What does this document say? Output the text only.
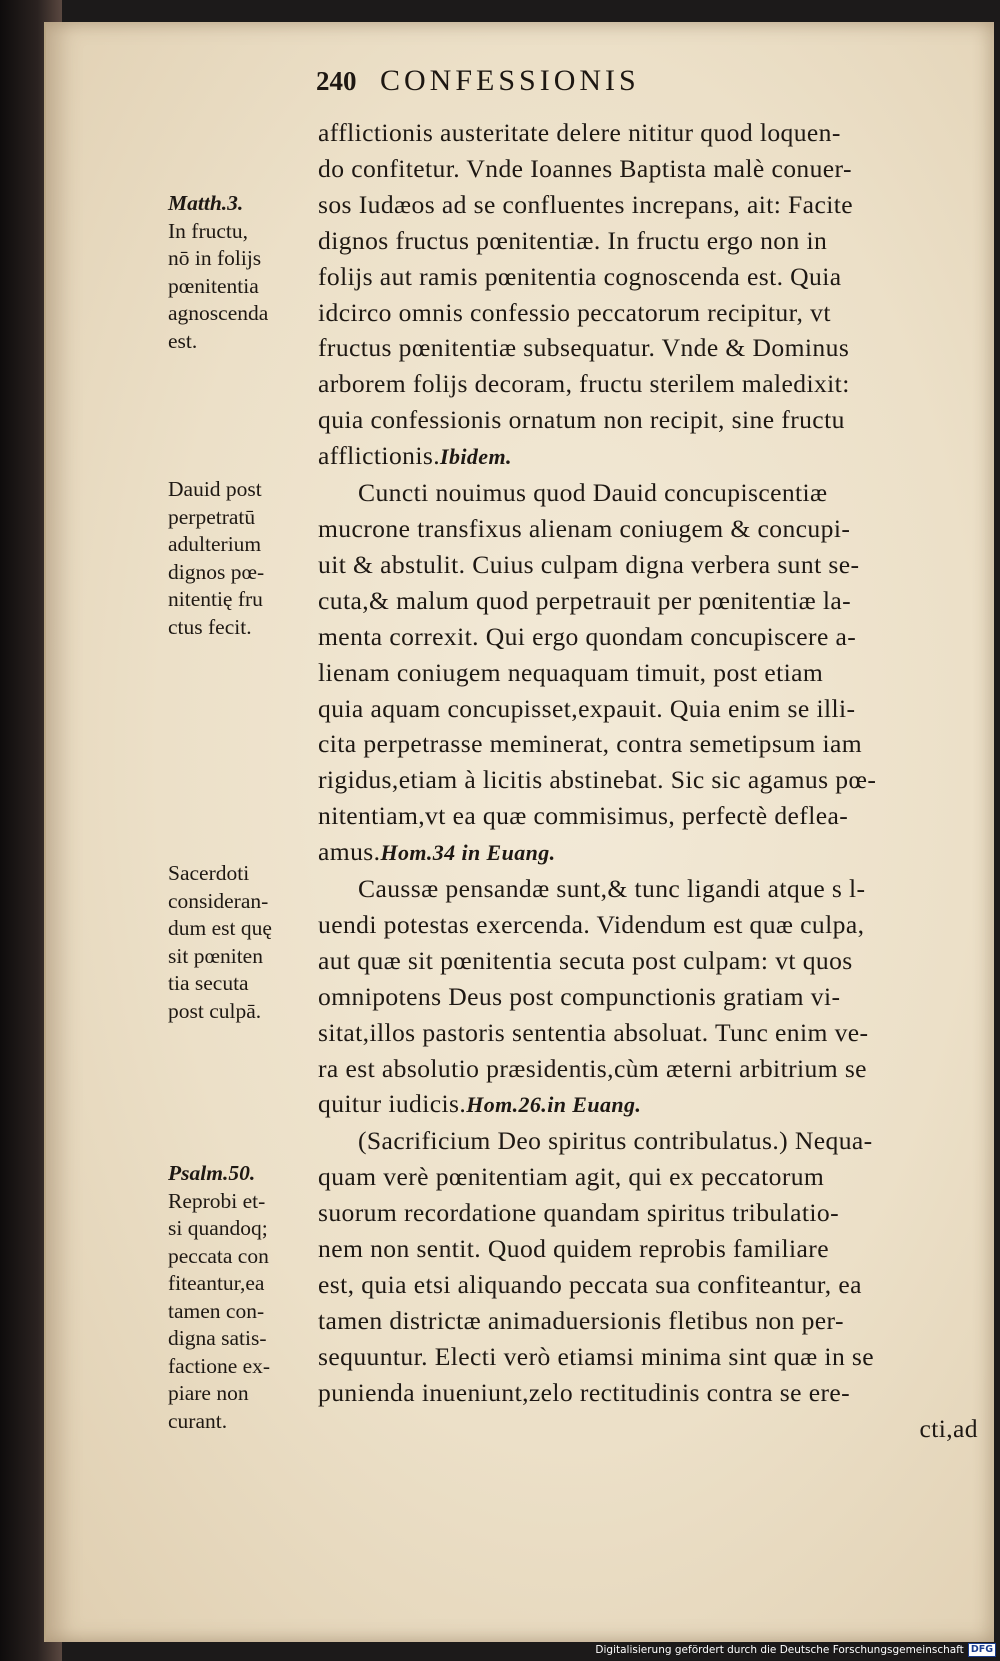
240 CONFESSIONIS
afflictionis austeritate delere nititur quod loquen-
do confitetur. Vnde Ioannes Baptista malè conuer-
sos Iudæos ad se confluentes increpans, ait: Facite
dignos fructus pœnitentiæ. In fructu ergo non in
folijs aut ramis pœnitentia cognoscenda est. Quia
idcirco omnis confessio peccatorum recipitur, vt
fructus pœnitentiæ subsequatur. Vnde & Dominus
arborem folijs decoram, fructu sterilem maledixit:
quia confessionis ornatum non recipit, sine fructu
afflictionis.Ibidem.
Cuncti nouimus quod Dauid concupiscentiæ
mucrone transfixus alienam coniugem & concupi-
uit & abstulit. Cuius culpam digna verbera sunt se-
cuta,& malum quod perpetrauit per pœnitentiæ la-
menta correxit. Qui ergo quondam concupiscere a-
lienam coniugem nequaquam timuit, post etiam
quia aquam concupisset,expauit. Quia enim se illi-
cita perpetrasse meminerat, contra semetipsum iam
rigidus,etiam à licitis abstinebat. Sic sic agamus pœ-
nitentiam,vt ea quæ commisimus, perfectè deflea-
amus.Hom.34 in Euang.
Caussæ pensandæ sunt,& tunc ligandi atque s l-
uendi potestas exercenda. Videndum est quæ culpa,
aut quæ sit pœnitentia secuta post culpam: vt quos
omnipotens Deus post compunctionis gratiam vi-
sitat,illos pastoris sententia absoluat. Tunc enim ve-
ra est absolutio præsidentis,cùm æterni arbitrium se
quitur iudicis.Hom.26.in Euang.
(Sacrificium Deo spiritus contribulatus.) Nequa-
quam verè pœnitentiam agit, qui ex peccatorum
suorum recordatione quandam spiritus tribulatio-
nem non sentit. Quod quidem reprobis familiare
est, quia etsi aliquando peccata sua confiteantur, ea
tamen districtæ animaduersionis fletibus non per-
sequuntur. Electi verò etiamsi minima sint quæ in se
punienda inueniunt,zelo rectitudinis contra se ere-
cti,ad
Matth.3.
In fructu,
nō in folijs
pœnitentia
agnoscenda
est.
Dauid post
perpetratū
adulterium
dignos pœ-
nitentię fru
ctus fecit.
Sacerdoti
consideran-
dum est quę
sit pœniten
tia secuta
post culpā.
Psalm.50.
Reprobi et-
si quandoq;
peccata con
fiteantur,ea
tamen con-
digna satis-
factione ex-
piare non
curant.
Digitalisierung gefördert durch die Deutsche Forschungsgemeinschaft DFG
